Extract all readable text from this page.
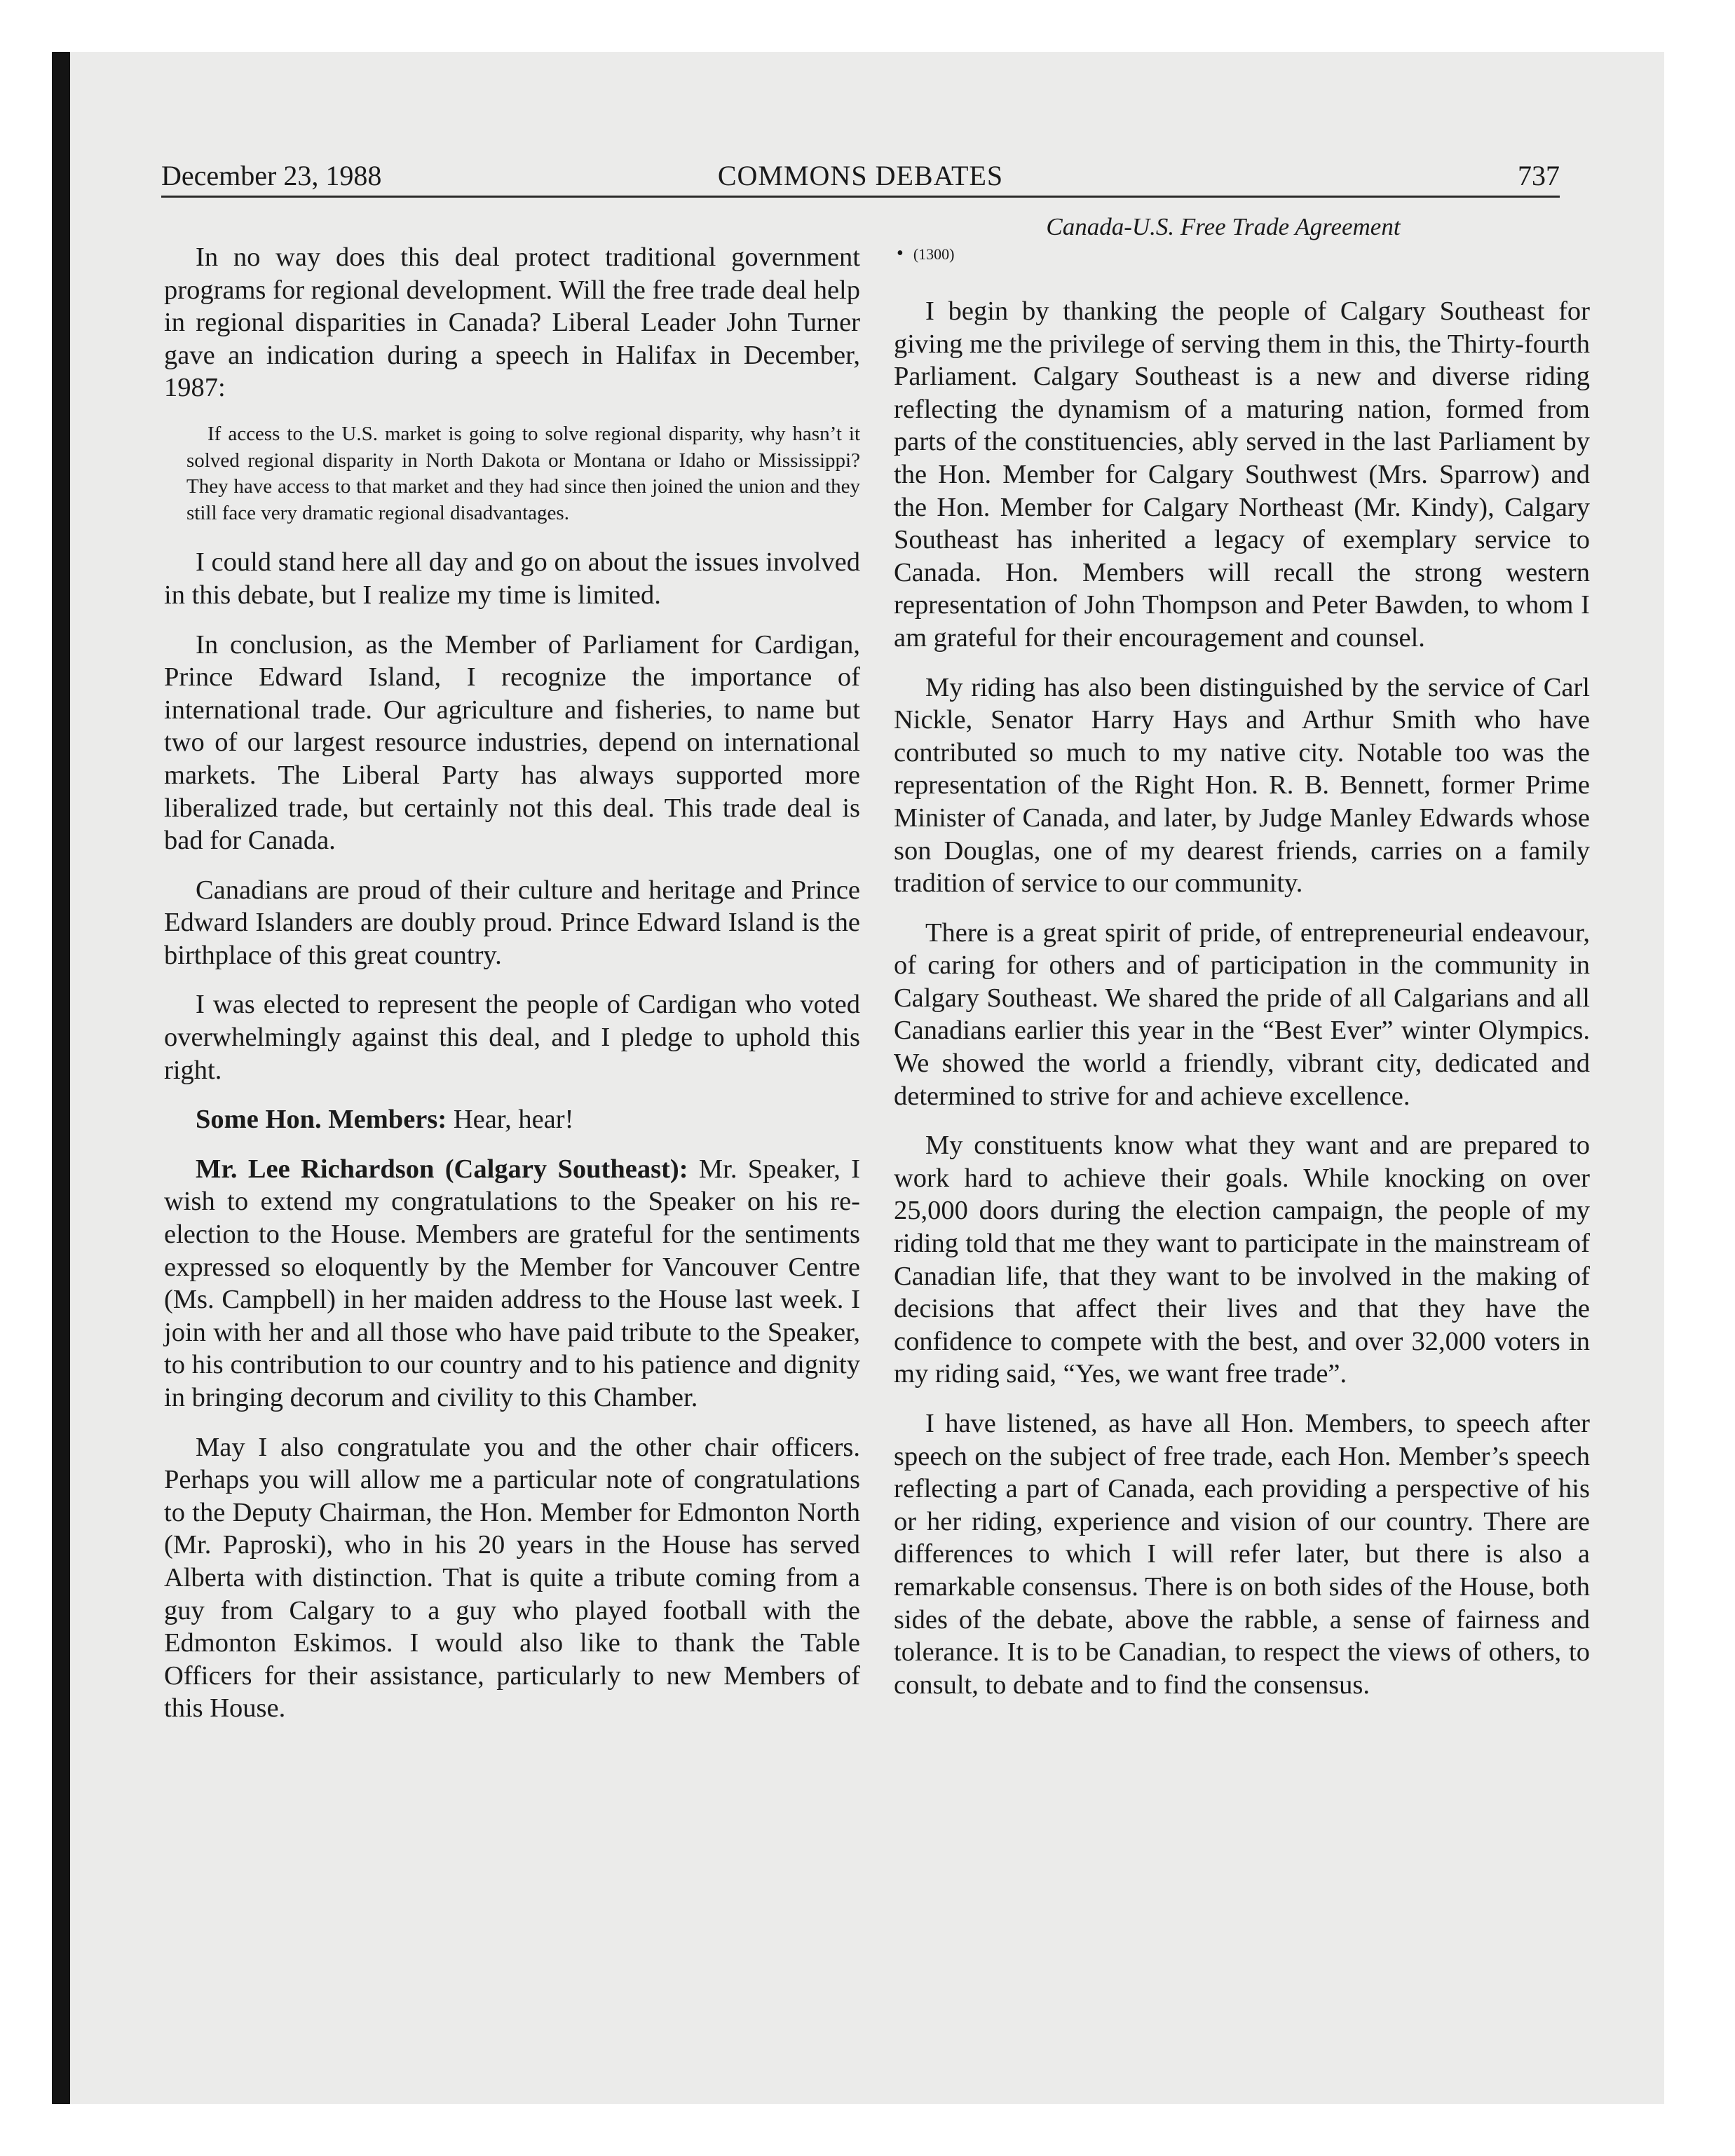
December 23, 1988	COMMONS DEBATES	737
Canada-U.S. Free Trade Agreement

In no way does this deal protect traditional government programs for regional development. Will the free trade deal help in regional disparities in Canada? Liberal Leader John Turner gave an indication during a speech in Halifax in December, 1987:

If access to the U.S. market is going to solve regional disparity, why hasn’t it solved regional disparity in North Dakota or Montana or Idaho or Mississippi? They have access to that market and they had since then joined the union and they still face very dramatic regional disadvantages.

I could stand here all day and go on about the issues involved in this debate, but I realize my time is limited.

In conclusion, as the Member of Parliament for Cardigan, Prince Edward Island, I recognize the importance of international trade. Our agriculture and fisheries, to name but two of our largest resource industries, depend on international markets. The Liberal Party has always supported more liberalized trade, but certainly not this deal. This trade deal is bad for Canada.

Canadians are proud of their culture and heritage and Prince Edward Islanders are doubly proud. Prince Edward Island is the birthplace of this great country.

I was elected to represent the people of Cardigan who voted overwhelmingly against this deal, and I pledge to uphold this right.

Some Hon. Members: Hear, hear!

Mr. Lee Richardson (Calgary Southeast): Mr. Speaker, I wish to extend my congratulations to the Speaker on his re-election to the House. Members are grateful for the sentiments expressed so eloquently by the Member for Vancouver Centre (Ms. Campbell) in her maiden address to the House last week. I join with her and all those who have paid tribute to the Speaker, to his contribution to our country and to his patience and dignity in bringing decorum and civility to this Chamber.

May I also congratulate you and the other chair officers. Perhaps you will allow me a particular note of congratulations to the Deputy Chairman, the Hon. Member for Edmonton North (Mr. Paproski), who in his 20 years in the House has served Alberta with distinction. That is quite a tribute coming from a guy from Calgary to a guy who played football with the Edmonton Eskimos. I would also like to thank the Table Officers for their assistance, particularly to new Members of this House.

• (1300)

I begin by thanking the people of Calgary Southeast for giving me the privilege of serving them in this, the Thirty-fourth Parliament. Calgary Southeast is a new and diverse riding reflecting the dynamism of a maturing nation, formed from parts of the constituencies, ably served in the last Parliament by the Hon. Member for Calgary Southwest (Mrs. Sparrow) and the Hon. Member for Calgary Northeast (Mr. Kindy), Calgary Southeast has inherited a legacy of exemplary service to Canada. Hon. Members will recall the strong western representation of John Thompson and Peter Bawden, to whom I am grateful for their encouragement and counsel.

My riding has also been distinguished by the service of Carl Nickle, Senator Harry Hays and Arthur Smith who have contributed so much to my native city. Notable too was the representation of the Right Hon. R. B. Bennett, former Prime Minister of Canada, and later, by Judge Manley Edwards whose son Douglas, one of my dearest friends, carries on a family tradition of service to our community.

There is a great spirit of pride, of entrepreneurial endeavour, of caring for others and of participation in the community in Calgary Southeast. We shared the pride of all Calgarians and all Canadians earlier this year in the “Best Ever” winter Olympics. We showed the world a friendly, vibrant city, dedicated and determined to strive for and achieve excellence.

My constituents know what they want and are prepared to work hard to achieve their goals. While knocking on over 25,000 doors during the election campaign, the people of my riding told that me they want to participate in the mainstream of Canadian life, that they want to be involved in the making of decisions that affect their lives and that they have the confidence to compete with the best, and over 32,000 voters in my riding said, “Yes, we want free trade”.

I have listened, as have all Hon. Members, to speech after speech on the subject of free trade, each Hon. Member’s speech reflecting a part of Canada, each providing a perspective of his or her riding, experience and vision of our country. There are differences to which I will refer later, but there is also a remarkable consensus. There is on both sides of the House, both sides of the debate, above the rabble, a sense of fairness and tolerance. It is to be Canadian, to respect the views of others, to consult, to debate and to find the consensus.
